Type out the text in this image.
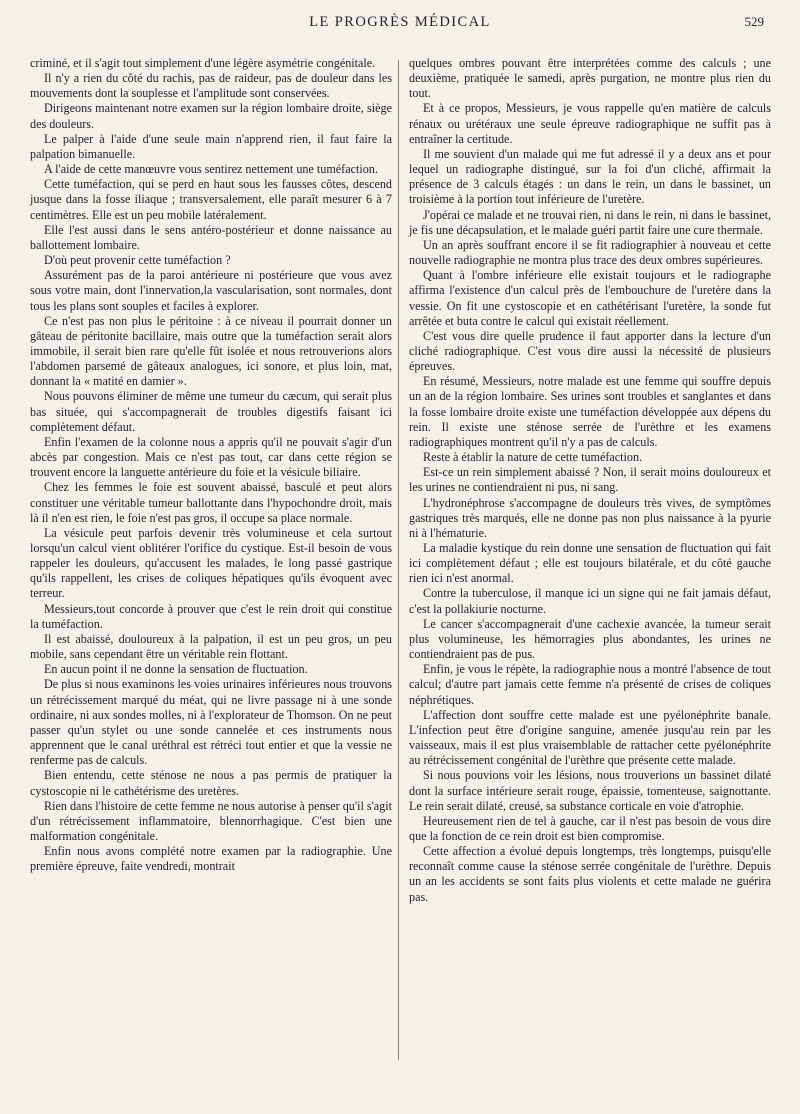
LE PROGRÈS MÉDICAL	529

criminé, et il s'agit tout simplement d'une légère asymétrie congénitale.

Il n'y a rien du côté du rachis, pas de raideur, pas de douleur dans les mouvements dont la souplesse et l'amplitude sont conservées.

Dirigeons maintenant notre examen sur la région lombaire droite, siège des douleurs.

Le palper à l'aide d'une seule main n'apprend rien, il faut faire la palpation bimanuelle.

A l'aide de cette manœuvre vous sentirez nettement une tuméfaction.

Cette tuméfaction, qui se perd en haut sous les fausses côtes, descend jusque dans la fosse iliaque ; transversalement, elle paraît mesurer 6 à 7 centimètres. Elle est un peu mobile latéralement.

Elle l'est aussi dans le sens antéro-postérieur et donne naissance au ballottement lombaire.

D'où peut provenir cette tuméfaction ?

Assurément pas de la paroi antérieure ni postérieure que vous avez sous votre main, dont l'innervation,la vascularisation, sont normales, dont tous les plans sont souples et faciles à explorer.

Ce n'est pas non plus le péritoine : à ce niveau il pourrait donner un gâteau de péritonite bacillaire, mais outre que la tuméfaction serait alors immobile, il serait bien rare qu'elle fût isolée et nous retrouverions alors l'abdomen parsemé de gâteaux analogues, ici sonore, et plus loin, mat, donnant la « matité en damier ».

Nous pouvons éliminer de même une tumeur du cæcum, qui serait plus bas située, qui s'accompagnerait de troubles digestifs faisant ici complètement défaut.

Enfin l'examen de la colonne nous a appris qu'il ne pouvait s'agir d'un abcès par congestion. Mais ce n'est pas tout, car dans cette région se trouvent encore la languette antérieure du foie et la vésicule biliaire.

Chez les femmes le foie est souvent abaissé, basculé et peut alors constituer une véritable tumeur ballottante dans l'hypochondre droit, mais là il n'en est rien, le foie n'est pas gros, il occupe sa place normale.

La vésicule peut parfois devenir très volumineuse et cela surtout lorsqu'un calcul vient oblitérer l'orifice du cystique. Est-il besoin de vous rappeler les douleurs, qu'accusent les malades, le long passé gastrique qu'ils rappellent, les crises de coliques hépatiques qu'ils évoquent avec terreur.

Messieurs,tout concorde à prouver que c'est le rein droit qui constitue la tuméfaction.

Il est abaissé, douloureux à la palpation, il est un peu gros, un peu mobile, sans cependant être un véritable rein flottant.

En aucun point il ne donne la sensation de fluctuation.

De plus si nous examinons les voies urinaires inférieures nous trouvons un rétrécissement marqué du méat, qui ne livre passage ni à une sonde ordinaire, ni aux sondes molles, ni à l'explorateur de Thomson. On ne peut passer qu'un stylet ou une sonde cannelée et ces instruments nous apprennent que le canal uréthral est rétréci tout entier et que la vessie ne renferme pas de calculs.

Bien entendu, cette sténose ne nous a pas permis de pratiquer la cystoscopie ni le cathétérisme des uretères.

Rien dans l'histoire de cette femme ne nous autorise à penser qu'il s'agit d'un rétrécissement inflammatoire, blennorrhagique. C'est bien une malformation congénitale.

Enfin nous avons complété notre examen par la radiographie. Une première épreuve, faite vendredi, montrait

quelques ombres pouvant être interprétées comme des calculs ; une deuxième, pratiquée le samedi, après purgation, ne montre plus rien du tout.

Et à ce propos, Messieurs, je vous rappelle qu'en matière de calculs rénaux ou urétéraux une seule épreuve radiographique ne suffit pas à entraîner la certitude.

Il me souvient d'un malade qui me fut adressé il y a deux ans et pour lequel un radiographe distingué, sur la foi d'un cliché, affirmait la présence de 3 calculs étagés : un dans le rein, un dans le bassinet, un troisième à la portion tout inférieure de l'uretère.

J'opérai ce malade et ne trouvai rien, ni dans le rein, ni dans le bassinet, je fis une décapsulation, et le malade guéri partit faire une cure thermale.

Un an après souffrant encore il se fit radiographier à nouveau et cette nouvelle radiographie ne montra plus trace des deux ombres supérieures.

Quant à l'ombre inférieure elle existait toujours et le radiographe affirma l'existence d'un calcul près de l'embouchure de l'uretère dans la vessie. On fit une cystoscopie et en cathétérisant l'uretère, la sonde fut arrêtée et buta contre le calcul qui existait réellement.

C'est vous dire quelle prudence il faut apporter dans la lecture d'un cliché radiographique. C'est vous dire aussi la nécessité de plusieurs épreuves.

En résumé, Messieurs, notre malade est une femme qui souffre depuis un an de la région lombaire. Ses urines sont troubles et sanglantes et dans la fosse lombaire droite existe une tuméfaction développée aux dépens du rein. Il existe une sténose serrée de l'urèthre et les examens radiographiques montrent qu'il n'y a pas de calculs.

Reste à établir la nature de cette tuméfaction.

Est-ce un rein simplement abaissé ? Non, il serait moins douloureux et les urines ne contiendraient ni pus, ni sang.

L'hydronéphrose s'accompagne de douleurs très vives, de symptômes gastriques très marqués, elle ne donne pas non plus naissance à la pyurie ni à l'hématurie.

La maladie kystique du rein donne une sensation de fluctuation qui fait ici complètement défaut ; elle est toujours bilatérale, et du côté gauche rien ici n'est anormal.

Contre la tuberculose, il manque ici un signe qui ne fait jamais défaut, c'est la pollakiurie nocturne.

Le cancer s'accompagnerait d'une cachexie avancée, la tumeur serait plus volumineuse, les hémorragies plus abondantes, les urines ne contiendraient pas de pus.

Enfin, je vous le répète, la radiographie nous a montré l'absence de tout calcul; d'autre part jamais cette femme n'a présenté de crises de coliques néphrétiques.

L'affection dont souffre cette malade est une pyélonéphrite banale. L'infection peut être d'origine sanguine, amenée jusqu'au rein par les vaisseaux, mais il est plus vraisemblable de rattacher cette pyélonéphrite au rétrécissement congénital de l'urèthre que présente cette malade.

Si nous pouvions voir les lésions, nous trouverions un bassinet dilaté dont la surface intérieure serait rouge, épaissie, tomenteuse, saignottante. Le rein serait dilaté, creusé, sa substance corticale en voie d'atrophie.

Heureusement rien de tel à gauche, car il n'est pas besoin de vous dire que la fonction de ce rein droit est bien compromise.

Cette affection a évolué depuis longtemps, très longtemps, puisqu'elle reconnaît comme cause la sténose serrée congénitale de l'urèthre. Depuis un an les accidents se sont faits plus violents et cette malade ne guérira pas.
